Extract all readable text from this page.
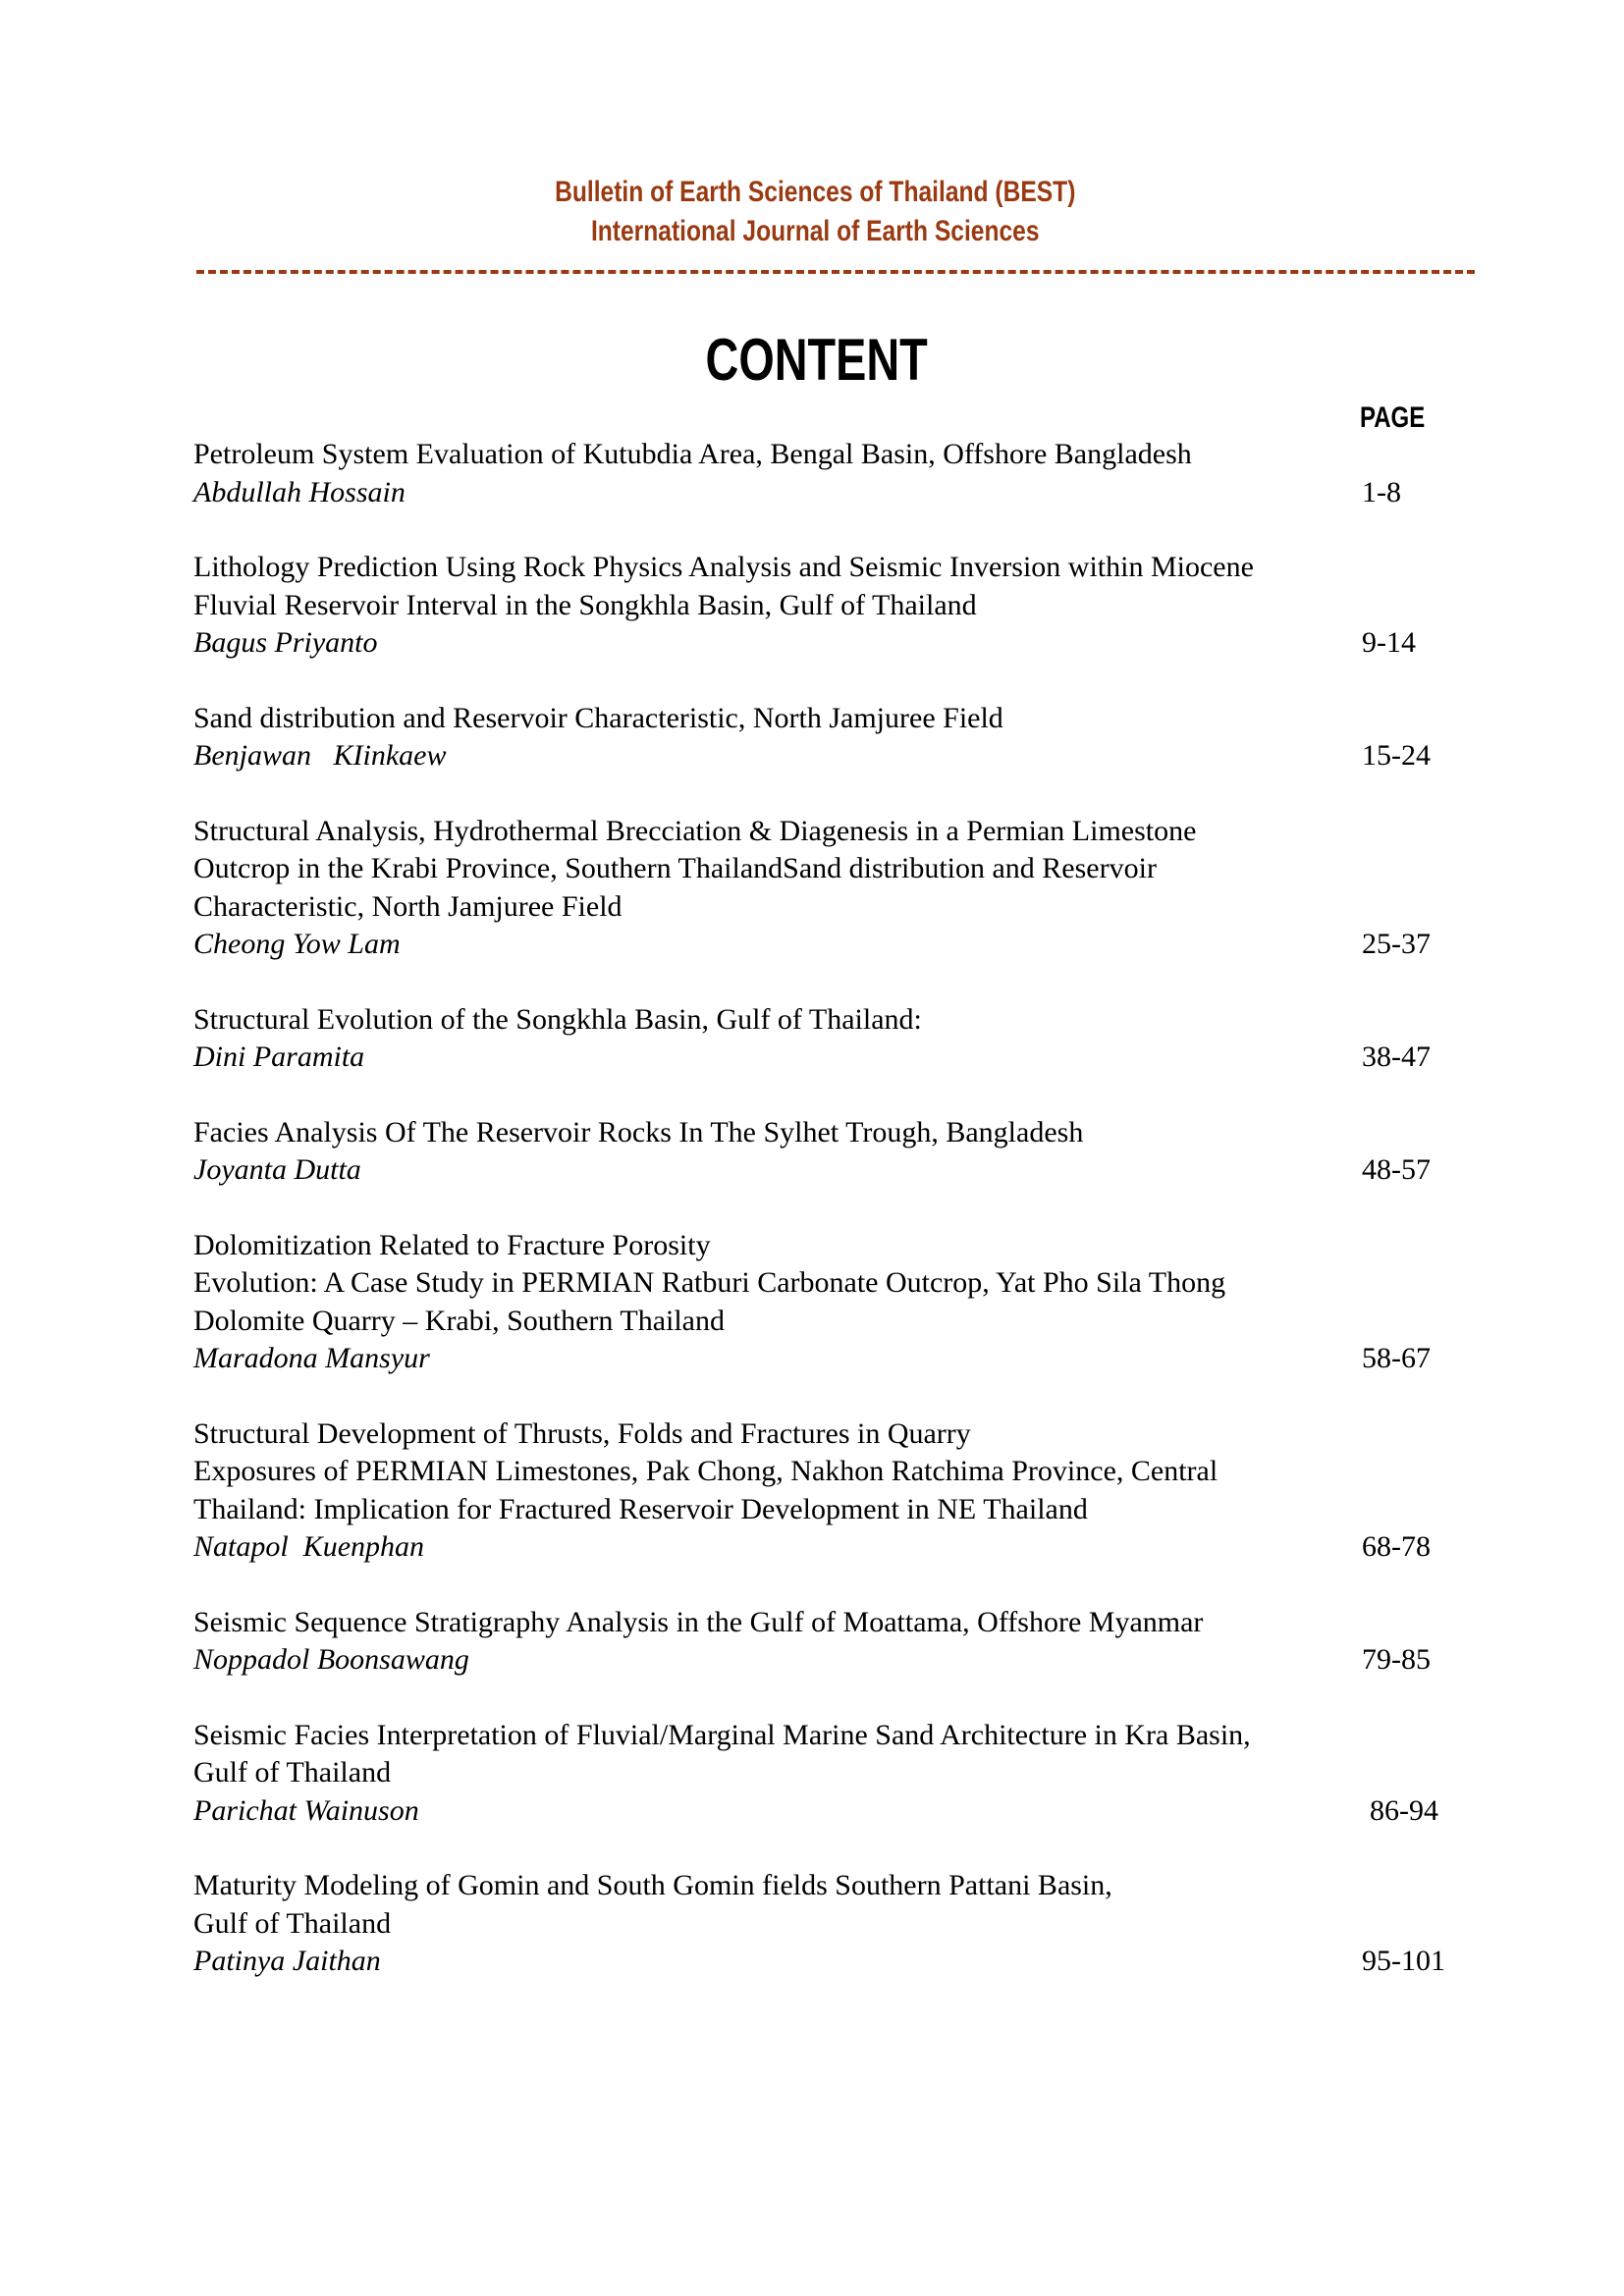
Bulletin of Earth Sciences of Thailand (BEST)
International Journal of Earth Sciences
CONTENT
PAGE
Petroleum System Evaluation of Kutubdia Area, Bengal Basin, Offshore Bangladesh
Abdullah Hossain	1-8
Lithology Prediction Using Rock Physics Analysis and Seismic Inversion within Miocene
Fluvial Reservoir Interval in the Songkhla Basin, Gulf of Thailand
Bagus Priyanto	9-14
Sand distribution and Reservoir Characteristic, North Jamjuree Field
Benjawan   KIinkaew	15-24
Structural Analysis, Hydrothermal Brecciation & Diagenesis in a Permian Limestone
Outcrop in the Krabi Province, Southern ThailandSand distribution and Reservoir
Characteristic, North Jamjuree Field
Cheong Yow Lam	25-37
Structural Evolution of the Songkhla Basin, Gulf of Thailand:
Dini Paramita	38-47
Facies Analysis Of The Reservoir Rocks In The Sylhet Trough, Bangladesh
Joyanta Dutta	48-57
Dolomitization Related to Fracture Porosity
Evolution: A Case Study in PERMIAN Ratburi Carbonate Outcrop, Yat Pho Sila Thong
Dolomite Quarry – Krabi, Southern Thailand
Maradona Mansyur	58-67
Structural Development of Thrusts, Folds and Fractures in Quarry
Exposures of PERMIAN Limestones, Pak Chong, Nakhon Ratchima Province, Central
Thailand: Implication for Fractured Reservoir Development in NE Thailand
Natapol  Kuenphan	68-78
Seismic Sequence Stratigraphy Analysis in the Gulf of Moattama, Offshore Myanmar
Noppadol Boonsawang	79-85
Seismic Facies Interpretation of Fluvial/Marginal Marine Sand Architecture in Kra Basin,
Gulf of Thailand
Parichat Wainuson	86-94
Maturity Modeling of Gomin and South Gomin fields Southern Pattani Basin,
Gulf of Thailand
Patinya Jaithan	95-101
